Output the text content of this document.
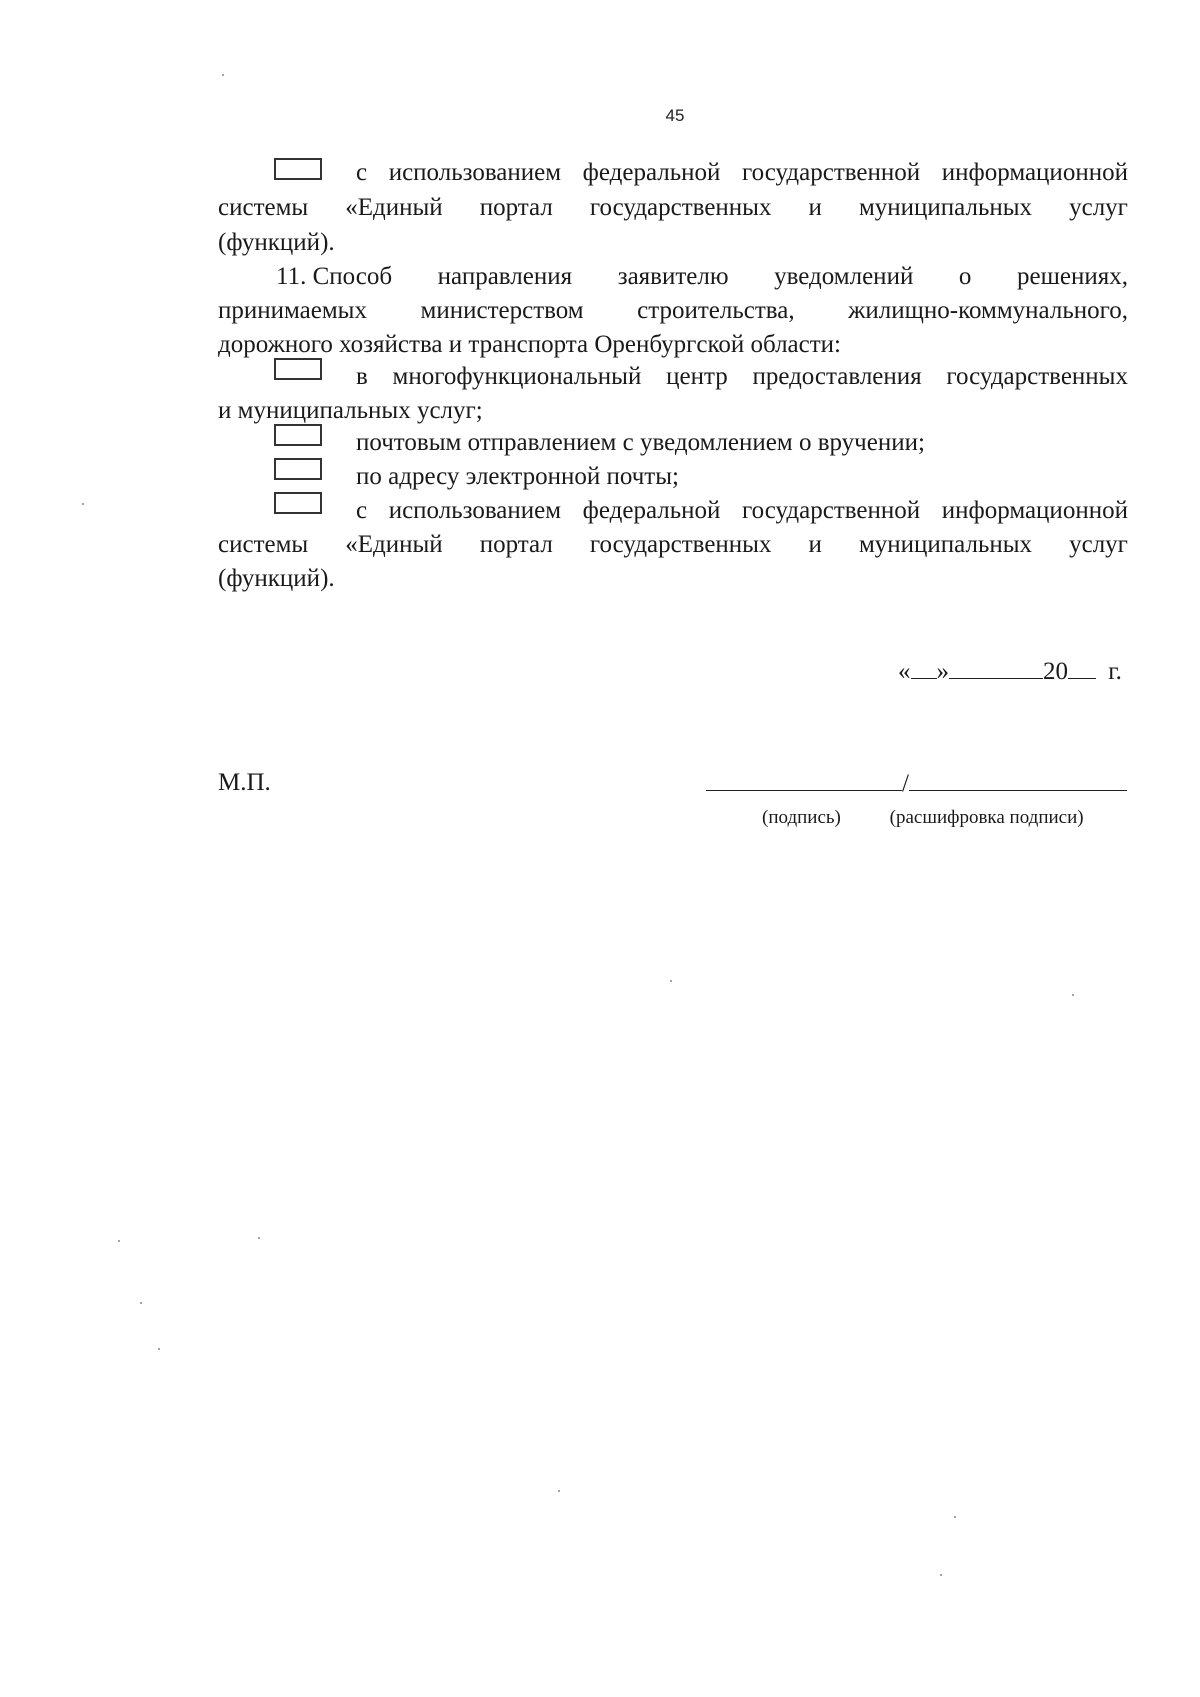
45
с использованием федеральной государственной информационной
системы «Единый портал государственных и муниципальных услуг
(функций).
11. Способ направления заявителю уведомлений о решениях,
принимаемых министерством строительства, жилищно-коммунального,
дорожного хозяйства и транспорта Оренбургской области:
в многофункциональный центр предоставления государственных
и муниципальных услуг;
почтовым отправлением с уведомлением о вручении;
по адресу электронной почты;
с использованием федеральной государственной информационной
системы «Единый портал государственных и муниципальных услуг
(функций).
« »	20 г.
М.П.	/
(подпись)	(расшифровка подписи)
